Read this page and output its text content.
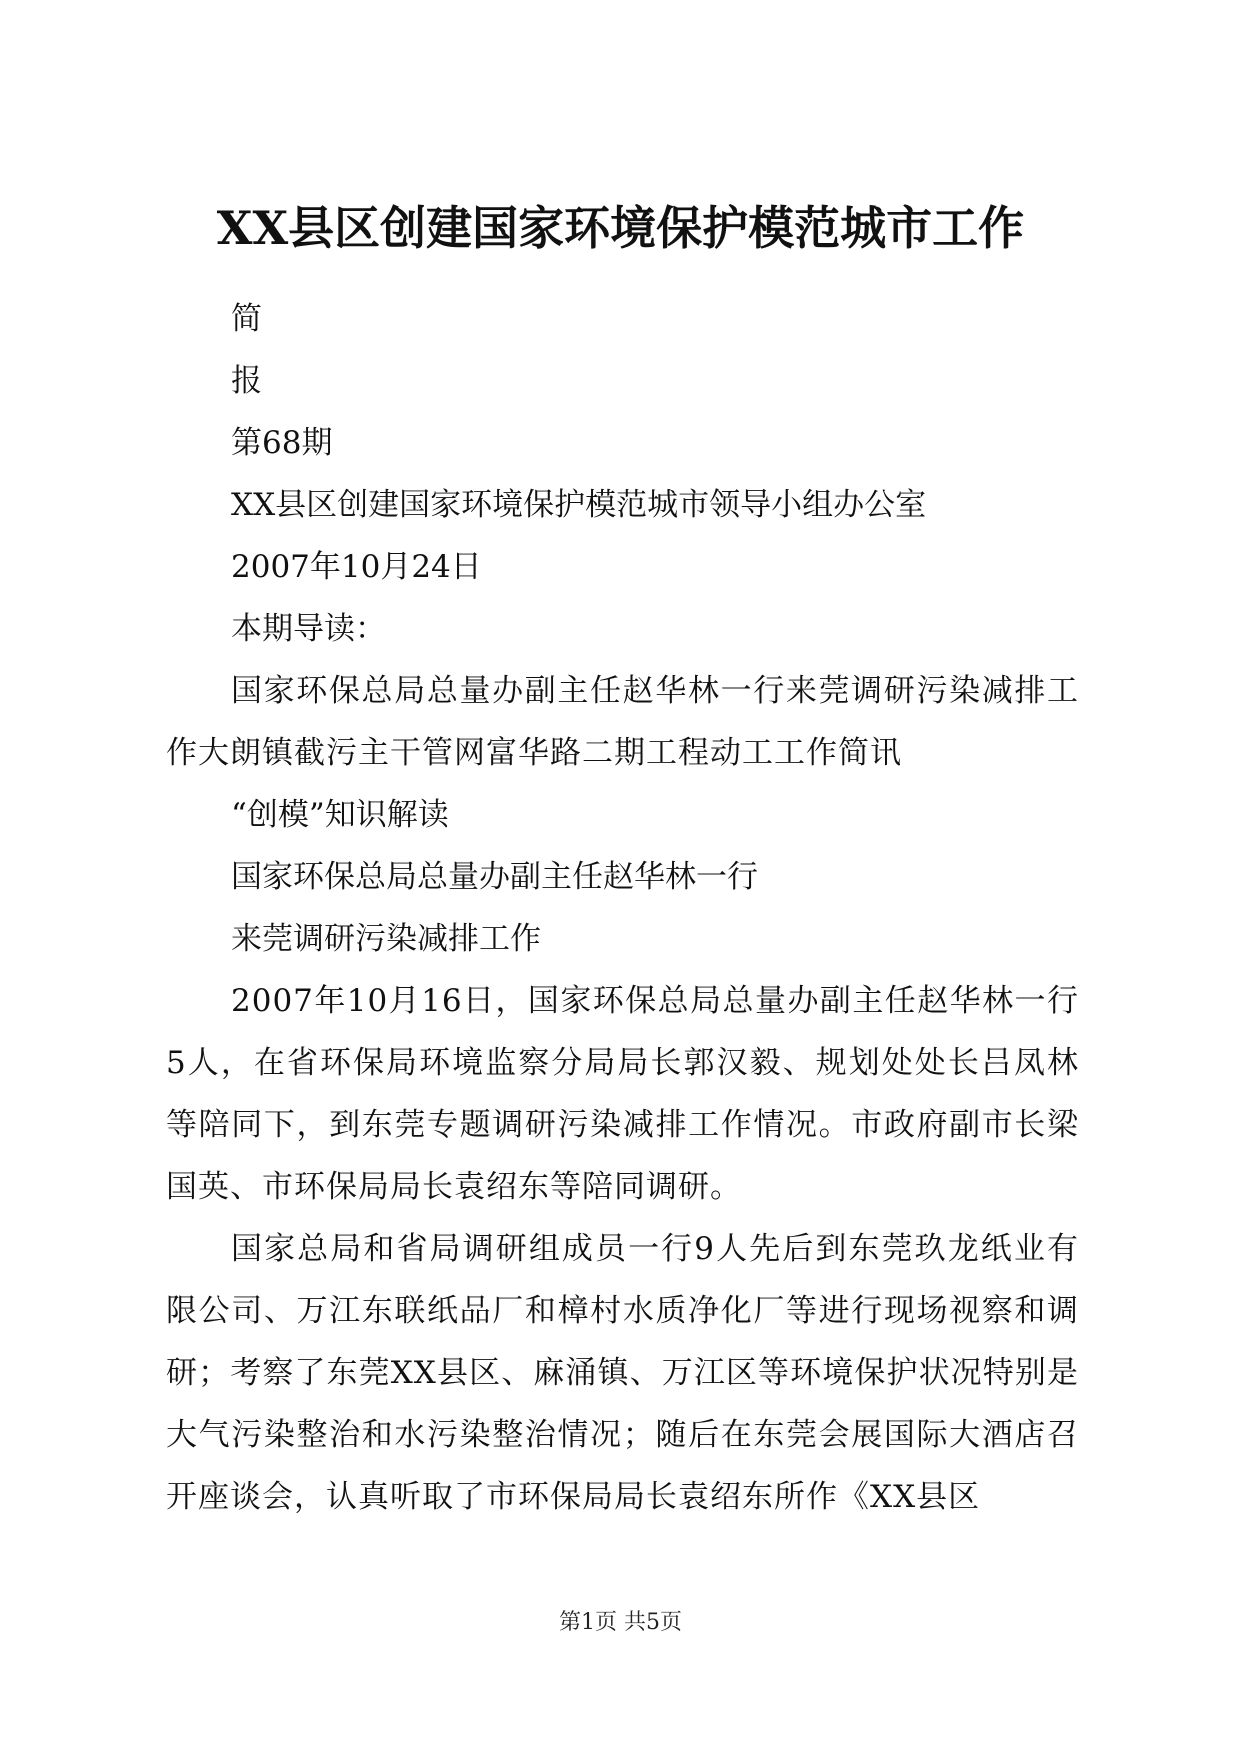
XX县区创建国家环境保护模范城市工作

简

报

第68期

XX县区创建国家环境保护模范城市领导小组办公室

2007年10月24日

本期导读：

国家环保总局总量办副主任赵华林一行来莞调研污染减排工作大朗镇截污主干管网富华路二期工程动工工作简讯

“创模”知识解读

国家环保总局总量办副主任赵华林一行

来莞调研污染减排工作

2007年10月16日，国家环保总局总量办副主任赵华林一行5人，在省环保局环境监察分局局长郭汉毅、规划处处长吕凤林等陪同下，到东莞专题调研污染减排工作情况。市政府副市长梁国英、市环保局局长袁绍东等陪同调研。

国家总局和省局调研组成员一行9人先后到东莞玖龙纸业有限公司、万江东联纸品厂和樟村水质净化厂等进行现场视察和调研；考察了东莞XX县区、麻涌镇、万江区等环境保护状况特别是大气污染整治和水污染整治情况；随后在东莞会展国际大酒店召开座谈会，认真听取了市环保局局长袁绍东所作《XX县区

第1页 共5页
